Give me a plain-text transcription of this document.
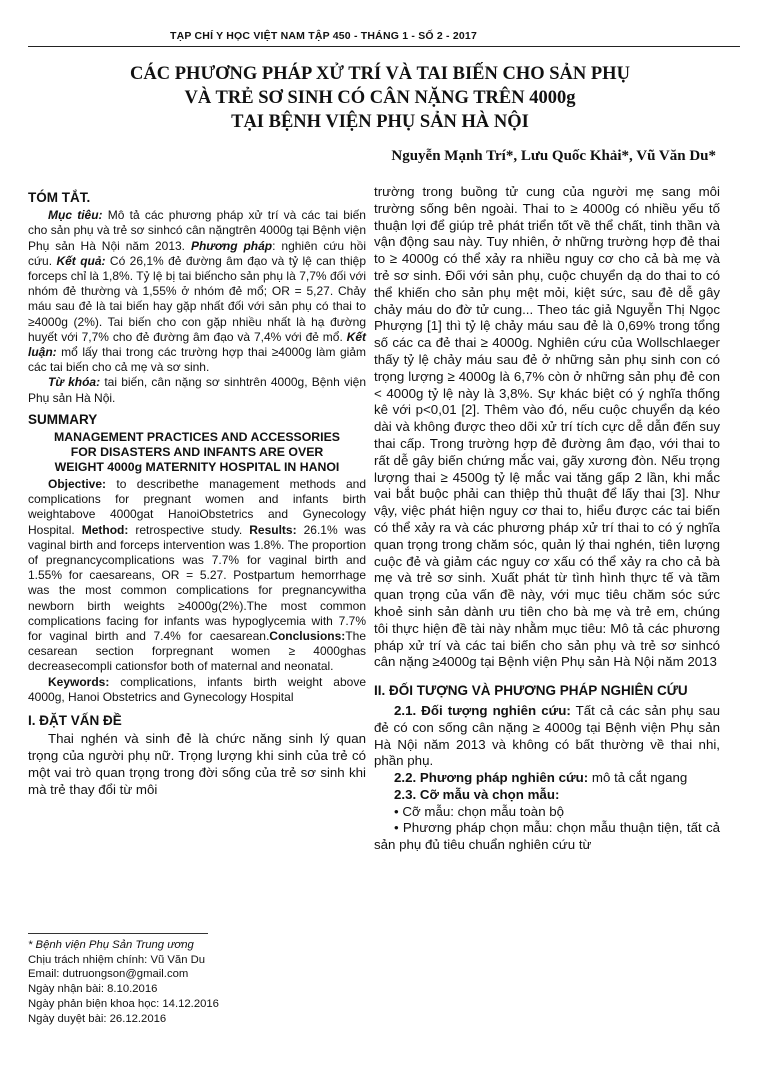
TẠP CHÍ Y HỌC VIỆT NAM TẬP 450 - THÁNG 1 - SỐ 2 - 2017
CÁC PHƯƠNG PHÁP XỬ TRÍ VÀ TAI BIẾN CHO SẢN PHỤ
VÀ TRẺ SƠ SINH CÓ CÂN NẶNG TRÊN 4000g
TẠI BỆNH VIỆN PHỤ SẢN HÀ NỘI
Nguyễn Mạnh Trí*, Lưu Quốc Khải*, Vũ Văn Du*
TÓM TẮT.

Mục tiêu: Mô tả các phương pháp xử trí và các tai biến cho sản phụ và trẻ sơ sinhcó cân nặngtrên 4000g tại Bệnh viện Phụ sản Hà Nội năm 2013. Phương pháp: nghiên cứu hồi cứu. Kết quả: Có 26,1% đẻ đường âm đạo và tỷ lệ can thiệp forceps chỉ là 1,8%. Tỷ lệ bị tai biếncho sản phụ là 7,7% đối với nhóm đẻ thường và 1,55% ở nhóm đẻ mổ; OR = 5,27. Chảy máu sau đẻ là tai biến hay gặp nhất đối với sản phụ có thai to ≥4000g (2%). Tai biến cho con gặp nhiều nhất là hạ đường huyết với 7,7% cho đẻ đường âm đạo và 7,4% với đẻ mổ. Kết luận: mổ lấy thai trong các trường hợp thai ≥4000g làm giảm các tai biến cho cả mẹ và sơ sinh.

Từ khóa: tai biến, cân nặng sơ sinhtrên 4000g, Bệnh viện Phụ sản Hà Nội.

SUMMARY
MANAGEMENT PRACTICES AND ACCESSORIES FOR DISASTERS AND INFANTS ARE OVER WEIGHT 4000g MATERNITY HOSPITAL IN HANOI

Objective: to describethe management methods and complications for pregnant women and infants birth weightabove 4000gat HanoiObstetrics and Gynecology Hospital. Method: retrospective study. Results: 26.1% was vaginal birth and forceps intervention was 1.8%. The proportion of pregnancycomplications was 7.7% for vaginal birth and 1.55% for caesareans, OR = 5.27. Postpartum hemorrhage was the most common complications for pregnancywitha newborn birth weights ≥4000g(2%).The most common complications facing for infants was hypoglycemia with 7.7% for vaginal birth and 7.4% for caesarean.Conclusions:The cesarean section forpregnant women ≥ 4000ghas decreasecompli cationsfor both of maternal and neonatal.

Keywords: complications, infants birth weight above 4000g, Hanoi Obstetrics and Gynecology Hospital

I. ĐẶT VẤN ĐỀ

Thai nghén và sinh đẻ là chức năng sinh lý quan trọng của người phụ nữ. Trọng lượng khi sinh của trẻ có một vai trò quan trọng trong đời sống của trẻ sơ sinh khi mà trẻ thay đổi từ môi

* Bệnh viện Phụ Sản Trung ương
Chịu trách nhiệm chính: Vũ Văn Du
Email: dutruongson@gmail.com
Ngày nhận bài: 8.10.2016
Ngày phản biện khoa học: 14.12.2016
Ngày duyệt bài: 26.12.2016

trường trong buồng tử cung của người mẹ sang môi trường sống bên ngoài. Thai to ≥ 4000g có nhiều yếu tố thuận lợi để giúp trẻ phát triển tốt về thể chất, tinh thần và vận động sau này. Tuy nhiên, ở những trường hợp đẻ thai to ≥ 4000g có thể xảy ra nhiều nguy cơ cho cả bà mẹ và trẻ sơ sinh. Đối với sản phụ, cuộc chuyển dạ do thai to có thể khiến cho sản phụ mệt mỏi, kiệt sức, sau đẻ dễ gây chảy máu do đờ tử cung... Theo tác giả Nguyễn Thị Ngọc Phượng [1] thì tỷ lệ chảy máu sau đẻ là 0,69% trong tổng số các ca đẻ thai ≥ 4000g. Nghiên cứu của Wollschlaeger thấy tỷ lệ chảy máu sau đẻ ở những sản phụ sinh con có trọng lượng ≥ 4000g là 6,7% còn ở những sản phụ đẻ con < 4000g tỷ lệ này là 3,8%. Sự khác biệt có ý nghĩa thống kê với p<0,01 [2]. Thêm vào đó, nếu cuộc chuyển dạ kéo dài và không được theo dõi xử trí tích cực dễ dẫn đến suy thai cấp. Trong trường hợp đẻ đường âm đạo, với thai to rất dễ gây biến chứng mắc vai, gãy xương đòn. Nếu trọng lượng thai ≥ 4500g tỷ lệ mắc vai tăng gấp 2 lần, khi mắc vai bắt buộc phải can thiệp thủ thuật để lấy thai [3]. Như vậy, việc phát hiện nguy cơ thai to, hiểu được các tai biến có thể xảy ra và các phương pháp xử trí thai to có ý nghĩa quan trọng trong chăm sóc, quản lý thai nghén, tiên lượng cuộc đẻ và giảm các nguy cơ xấu có thể xảy ra cho cả bà mẹ và trẻ sơ sinh. Xuất phát từ tình hình thực tế và tầm quan trọng của vấn đề này, với mục tiêu chăm sóc sức khoẻ sinh sản dành ưu tiên cho bà mẹ và trẻ em, chúng tôi thực hiện đề tài này nhằm mục tiêu: Mô tả các phương pháp xử trí và các tai biến cho sản phụ và trẻ sơ sinhcó cân nặng ≥4000g tại Bệnh viện Phụ sản Hà Nội năm 2013

II. ĐỐI TƯỢNG VÀ PHƯƠNG PHÁP NGHIÊN CỨU

2.1. Đối tượng nghiên cứu: Tất cả các sản phụ sau đẻ có con sống cân nặng ≥ 4000g tại Bệnh viện Phụ sản Hà Nội năm 2013 và không có bất thường về thai nhi, phần phụ.

2.2. Phương pháp nghiên cứu: mô tả cắt ngang

2.3. Cỡ mẫu và chọn mẫu:

• Cỡ mẫu: chọn mẫu toàn bộ

• Phương pháp chọn mẫu: chọn mẫu thuận tiện, tất cả sản phụ đủ tiêu chuẩn nghiên cứu từ
